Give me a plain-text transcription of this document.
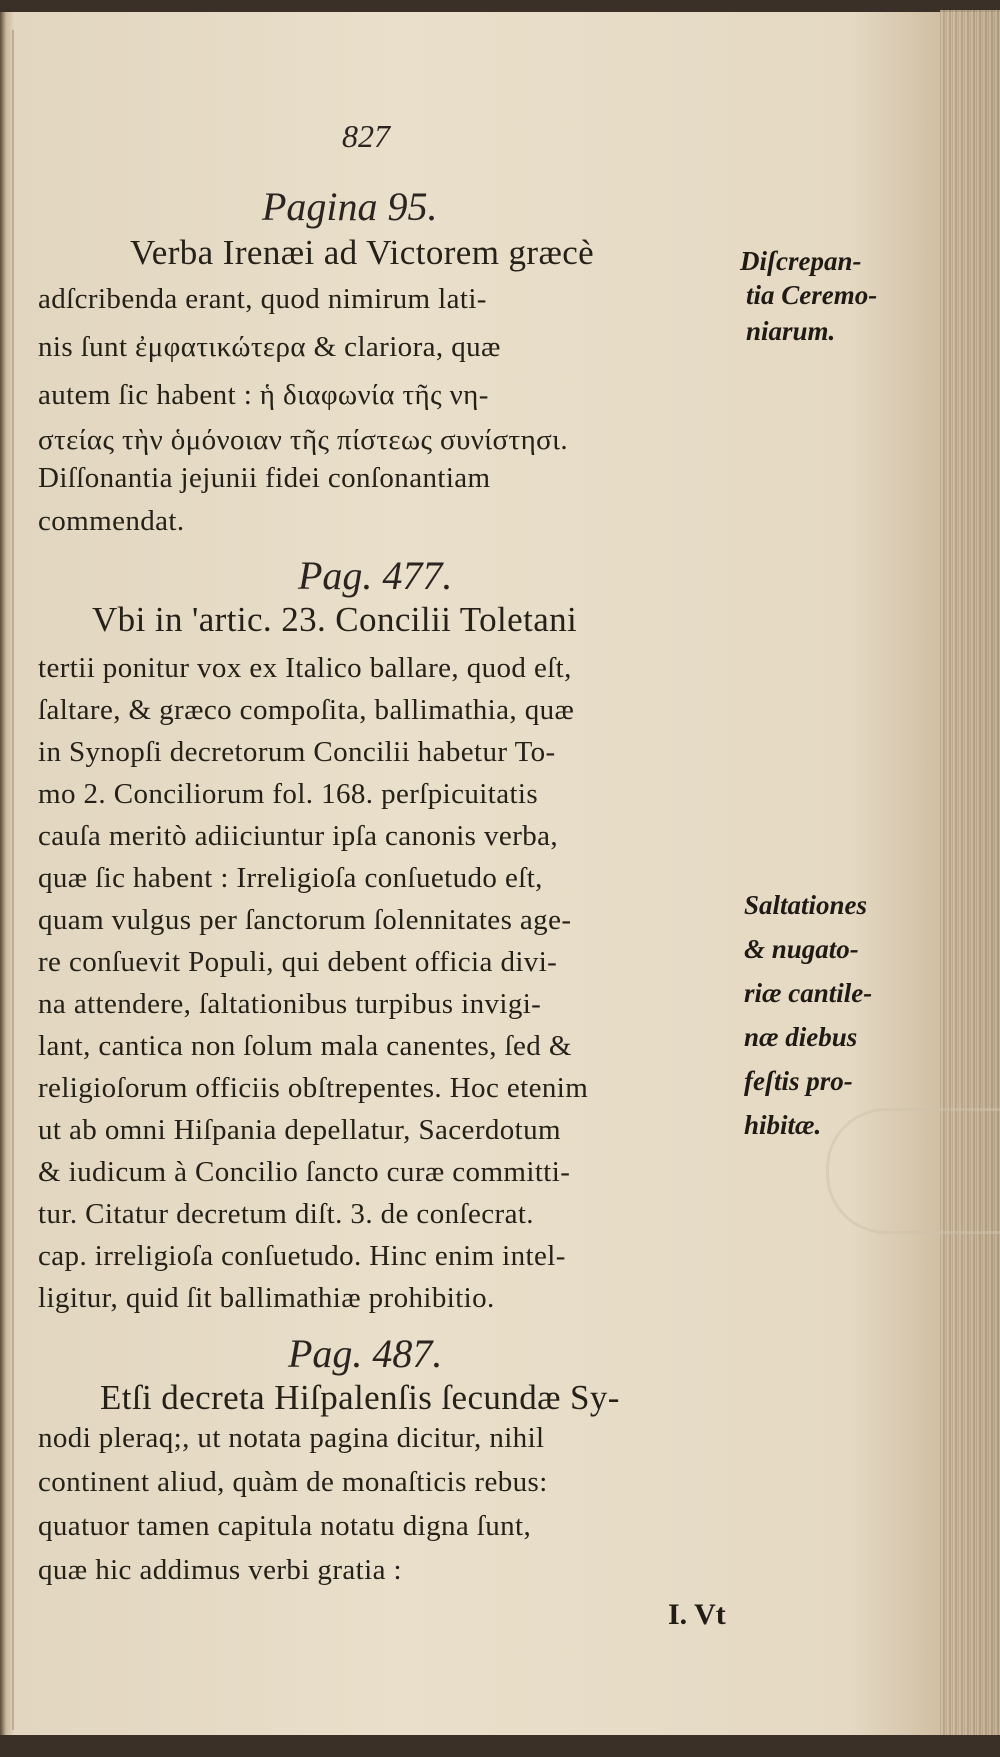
827
Pagina 95.
Verba Irenæi ad Victorem græcè
adſcribenda erant, quod nimirum lati-
nis ſunt ἐμφατικώτερα & clariora, quæ
autem ſic habent : ἡ διαφωνία τῆς νη-
στείας τὴν ὁμόνοιαν τῆς πίστεως συνίστησι.
Diſſonantia jejunii fidei conſonantiam
commendat.
Diſcrepan-
tia Ceremo-
niarum.
Pag. 477.
Vbi in 'artic. 23. Concilii Toletani
tertii ponitur vox ex Italico ballare, quod eſt,
ſaltare, & græco compoſita, ballimathia, quæ
in Synopſi decretorum Concilii habetur To-
mo 2. Conciliorum fol. 168. perſpicuitatis
cauſa meritò adiiciuntur ipſa canonis verba,
quæ ſic habent : Irreligioſa conſuetudo eſt,
quam vulgus per ſanctorum ſolennitates age-
re conſuevit Populi, qui debent officia divi-
na attendere, ſaltationibus turpibus invigi-
lant, cantica non ſolum mala canentes, ſed &
religioſorum officiis obſtrepentes. Hoc etenim
ut ab omni Hiſpania depellatur, Sacerdotum
& iudicum à Concilio ſancto curæ committi-
tur. Citatur decretum diſt. 3. de conſecrat.
cap. irreligioſa conſuetudo. Hinc enim intel-
ligitur, quid ſit ballimathiæ prohibitio.
Saltationes
& nugato-
riæ cantile-
næ diebus
feſtis pro-
hibitæ.
Pag. 487.
Etſi decreta Hiſpalenſis ſecundæ Sy-
nodi pleraq;, ut notata pagina dicitur, nihil
continent aliud, quàm de monaſticis rebus:
quatuor tamen capitula notatu digna ſunt,
quæ hic addimus verbi gratia :
I. Vt
